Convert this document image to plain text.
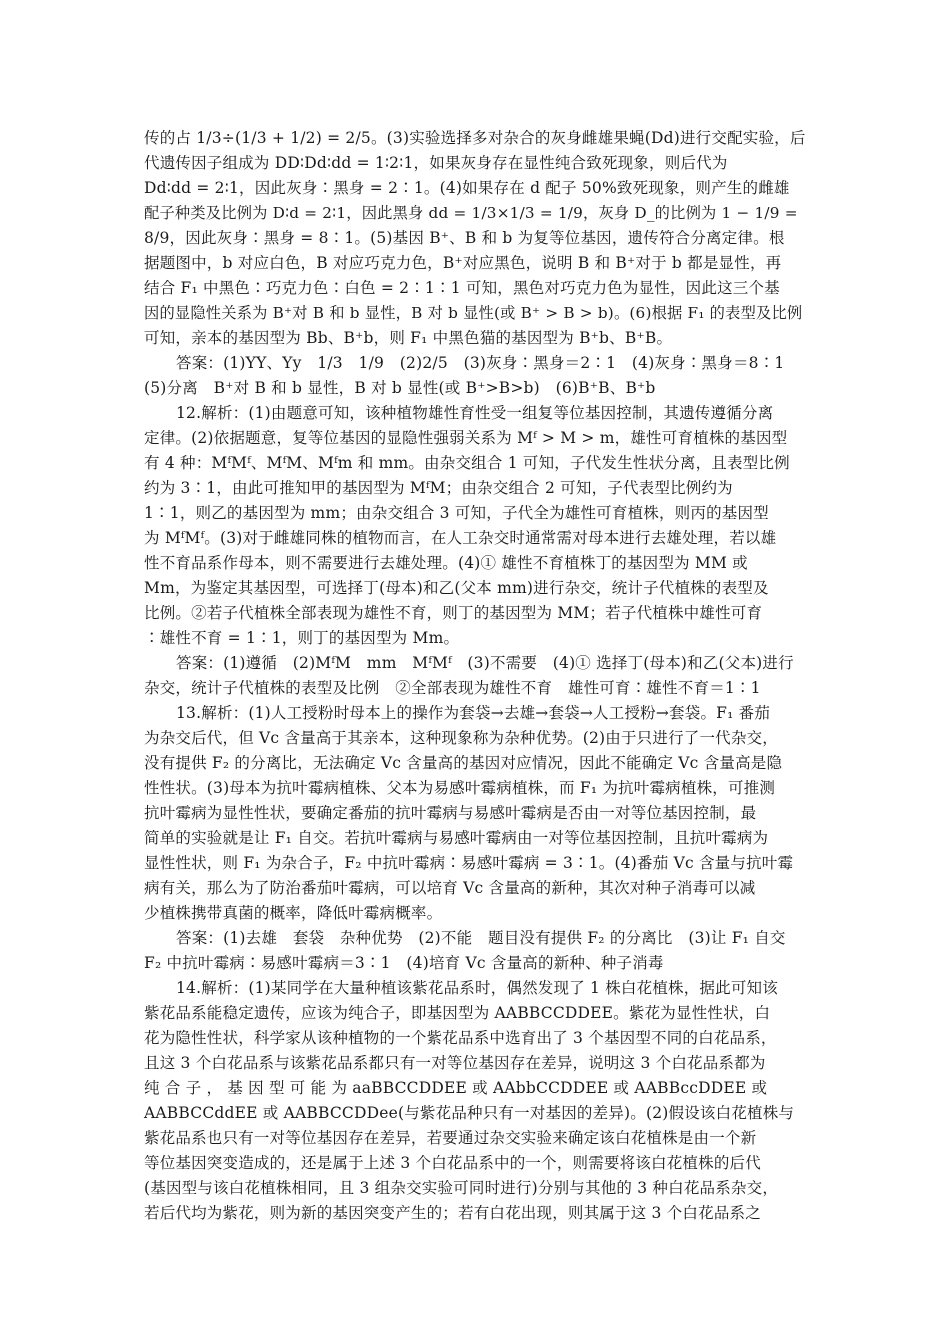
传的占 1/3÷(1/3 + 1/2) = 2/5。(3)实验选择多对杂合的灰身雌雄果蝇(Dd)进行交配实验，后
代遗传因子组成为 DD∶Dd∶dd = 1∶2∶1，如果灰身存在显性纯合致死现象，则后代为
Dd∶dd = 2∶1，因此灰身∶黑身 = 2∶1。(4)如果存在 d 配子 50%致死现象，则产生的雌雄
配子种类及比例为 D∶d = 2∶1，因此黑身 dd = 1/3×1/3 = 1/9，灰身 D_的比例为 1 − 1/9 =
8/9，因此灰身∶黑身 = 8∶1。(5)基因 B⁺、B 和 b 为复等位基因，遗传符合分离定律。根
据题图中，b 对应白色，B 对应巧克力色，B⁺对应黑色，说明 B 和 B⁺对于 b 都是显性，再
结合 F₁ 中黑色∶巧克力色∶白色 = 2∶1∶1 可知，黑色对巧克力色为显性，因此这三个基
因的显隐性关系为 B⁺对 B 和 b 显性，B 对 b 显性(或 B⁺ > B > b)。(6)根据 F₁ 的表型及比例
可知，亲本的基因型为 Bb、B⁺b，则 F₁ 中黑色猫的基因型为 B⁺b、B⁺B。
答案：(1)YY、Yy　1/3　1/9　(2)2/5　(3)灰身∶黑身＝2∶1　(4)灰身∶黑身＝8∶1
(5)分离　B⁺对 B 和 b 显性，B 对 b 显性(或 B⁺>B>b)　(6)B⁺B、B⁺b
12.解析：(1)由题意可知，该种植物雄性育性受一组复等位基因控制，其遗传遵循分离
定律。(2)依据题意，复等位基因的显隐性强弱关系为 Mᶠ > M > m，雄性可育植株的基因型
有 4 种：MᶠMᶠ、MᶠM、Mᶠm 和 mm。由杂交组合 1 可知，子代发生性状分离，且表型比例
约为 3∶1，由此可推知甲的基因型为 MᶠM；由杂交组合 2 可知，子代表型比例约为
1∶1，则乙的基因型为 mm；由杂交组合 3 可知，子代全为雄性可育植株，则丙的基因型
为 MᶠMᶠ。(3)对于雌雄同株的植物而言，在人工杂交时通常需对母本进行去雄处理，若以雄
性不育品系作母本，则不需要进行去雄处理。(4)① 雄性不育植株丁的基因型为 MM 或
Mm，为鉴定其基因型，可选择丁(母本)和乙(父本 mm)进行杂交，统计子代植株的表型及
比例。②若子代植株全部表现为雄性不育，则丁的基因型为 MM；若子代植株中雄性可育
∶雄性不育 = 1∶1，则丁的基因型为 Mm。
答案：(1)遵循　(2)MᶠM　mm　MᶠMᶠ　(3)不需要　(4)① 选择丁(母本)和乙(父本)进行
杂交，统计子代植株的表型及比例　②全部表现为雄性不育　雄性可育∶雄性不育＝1∶1
13.解析：(1)人工授粉时母本上的操作为套袋→去雄→套袋→人工授粉→套袋。F₁ 番茄
为杂交后代，但 Vc 含量高于其亲本，这种现象称为杂种优势。(2)由于只进行了一代杂交，
没有提供 F₂ 的分离比，无法确定 Vc 含量高的基因对应情况，因此不能确定 Vc 含量高是隐
性性状。(3)母本为抗叶霉病植株、父本为易感叶霉病植株，而 F₁ 为抗叶霉病植株，可推测
抗叶霉病为显性性状，要确定番茄的抗叶霉病与易感叶霉病是否由一对等位基因控制，最
简单的实验就是让 F₁ 自交。若抗叶霉病与易感叶霉病由一对等位基因控制，且抗叶霉病为
显性性状，则 F₁ 为杂合子，F₂ 中抗叶霉病∶易感叶霉病 = 3∶1。(4)番茄 Vc 含量与抗叶霉
病有关，那么为了防治番茄叶霉病，可以培育 Vc 含量高的新种，其次对种子消毒可以减
少植株携带真菌的概率，降低叶霉病概率。
答案：(1)去雄　套袋　杂种优势　(2)不能　题目没有提供 F₂ 的分离比　(3)让 F₁ 自交
F₂ 中抗叶霉病∶易感叶霉病＝3∶1　(4)培育 Vc 含量高的新种、种子消毒
14.解析：(1)某同学在大量种植该紫花品系时，偶然发现了 1 株白花植株，据此可知该
紫花品系能稳定遗传，应该为纯合子，即基因型为 AABBCCDDEE。紫花为显性性状，白
花为隐性性状，科学家从该种植物的一个紫花品系中选育出了 3 个基因型不同的白花品系，
且这 3 个白花品系与该紫花品系都只有一对等位基因存在差异，说明这 3 个白花品系都为
纯 合 子 ， 基 因 型 可 能 为 aaBBCCDDEE 或 AAbbCCDDEE 或 AABBccDDEE 或
AABBCCddEE 或 AABBCCDDee(与紫花品种只有一对基因的差异)。(2)假设该白花植株与
紫花品系也只有一对等位基因存在差异，若要通过杂交实验来确定该白花植株是由一个新
等位基因突变造成的，还是属于上述 3 个白花品系中的一个，则需要将该白花植株的后代
(基因型与该白花植株相同，且 3 组杂交实验可同时进行)分别与其他的 3 种白花品系杂交，
若后代均为紫花，则为新的基因突变产生的；若有白花出现，则其属于这 3 个白花品系之
